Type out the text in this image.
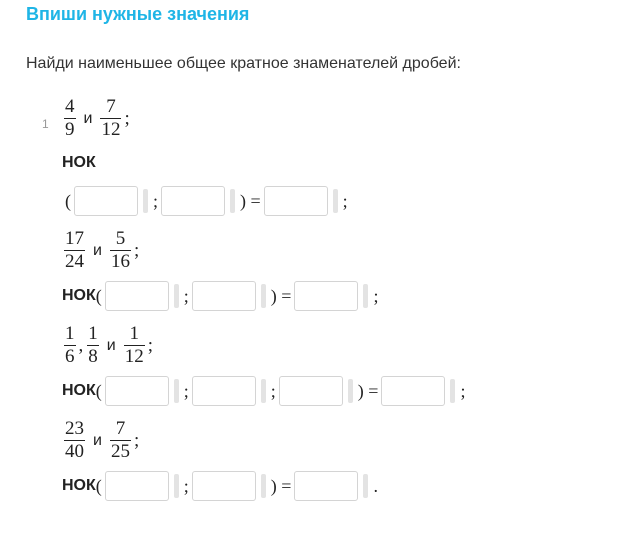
Впиши нужные значения
Найди наименьшее общее кратное знаменателей дробей:
$1 \frac{4}{9}$ и $\frac{7}{12}$ ;
НОК
(	;	) =	;
$\frac{17}{24}$ и $\frac{5}{16}$ ;
НОК (	;	) =	;
$\frac{1}{6}$ , $\frac{1}{8}$ и $\frac{1}{12}$ ;
НОК (	;	;	) =	;
$\frac{23}{40}$ и $\frac{7}{25}$ ;
НОК (	;	) =	.
